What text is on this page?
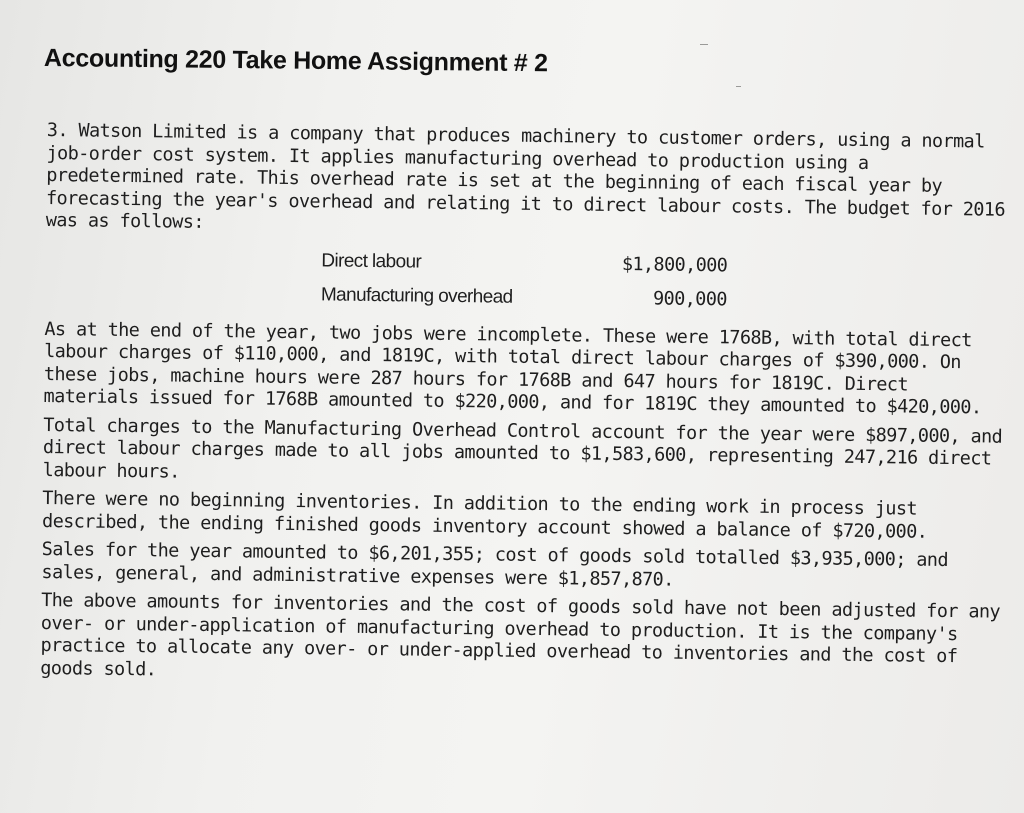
Accounting 220 Take Home Assignment # 2

3. Watson Limited is a company that produces machinery to customer orders, using a normal job-order cost system. It applies manufacturing overhead to production using a predetermined rate. This overhead rate is set at the beginning of each fiscal year by forecasting the year's overhead and relating it to direct labour costs. The budget for 2016 was as follows:

Direct labour	$1,800,000
Manufacturing overhead	900,000

As at the end of the year, two jobs were incomplete. These were 1768B, with total direct labour charges of $110,000, and 1819C, with total direct labour charges of $390,000. On these jobs, machine hours were 287 hours for 1768B and 647 hours for 1819C. Direct materials issued for 1768B amounted to $220,000, and for 1819C they amounted to $420,000.

Total charges to the Manufacturing Overhead Control account for the year were $897,000, and direct labour charges made to all jobs amounted to $1,583,600, representing 247,216 direct labour hours.

There were no beginning inventories. In addition to the ending work in process just described, the ending finished goods inventory account showed a balance of $720,000.

Sales for the year amounted to $6,201,355; cost of goods sold totalled $3,935,000; and sales, general, and administrative expenses were $1,857,870.

The above amounts for inventories and the cost of goods sold have not been adjusted for any over- or under-application of manufacturing overhead to production. It is the company's practice to allocate any over- or under-applied overhead to inventories and the cost of goods sold.
